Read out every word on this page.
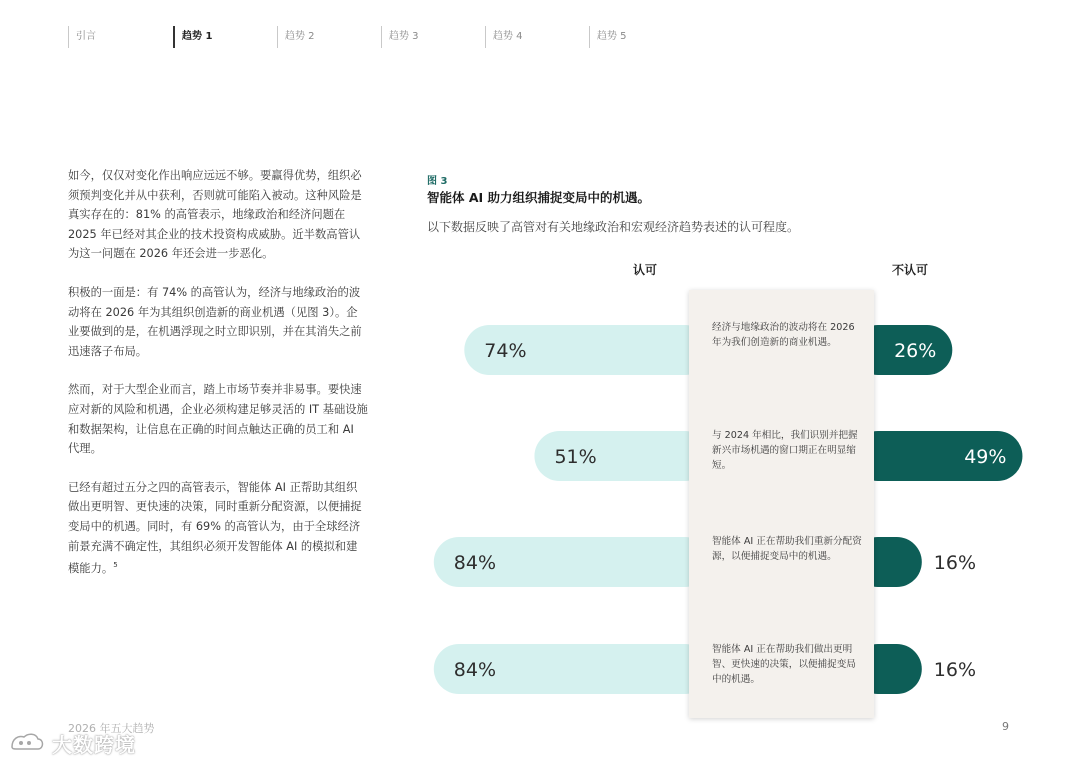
引言	趋势 1	趋势 2	趋势 3	趋势 4	趋势 5

如今，仅仅对变化作出响应远远不够。要赢得优势，组织必须预判变化并从中获利，否则就可能陷入被动。这种风险是真实存在的：81% 的高管表示，地缘政治和经济问题在 2025 年已经对其企业的技术投资构成威胁。近半数高管认为这一问题在 2026 年还会进一步恶化。

积极的一面是：有 74% 的高管认为，经济与地缘政治的波动将在 2026 年为其组织创造新的商业机遇（见图 3）。企业要做到的是，在机遇浮现之时立即识别，并在其消失之前迅速落子布局。

然而，对于大型企业而言，踏上市场节奏并非易事。要快速应对新的风险和机遇，企业必须构建足够灵活的 IT 基础设施和数据架构，让信息在正确的时间点触达正确的员工和 AI 代理。

已经有超过五分之四的高管表示，智能体 AI 正帮助其组织做出更明智、更快速的决策，同时重新分配资源，以便捕捉变局中的机遇。同时，有 69% 的高管认为，由于全球经济前景充满不确定性，其组织必须开发智能体 AI 的模拟和建模能力。$^5$

图 3
智能体 AI 助力组织捕捉变局中的机遇。
以下数据反映了高管对有关地缘政治和宏观经济趋势表述的认可程度。
认可	不认可
74%	26%
51%	49%
84%	16%
84%	16%
经济与地缘政治的波动将在 2026 年为我们创造新的商业机遇。
与 2024 年相比，我们识别并把握新兴市场机遇的窗口期正在明显缩短。
智能体 AI 正在帮助我们重新分配资源，以便捕捉变局中的机遇。
智能体 AI 正在帮助我们做出更明智、更快速的决策，以便捕捉变局中的机遇。
2026 年五大趋势	9
大数跨境
